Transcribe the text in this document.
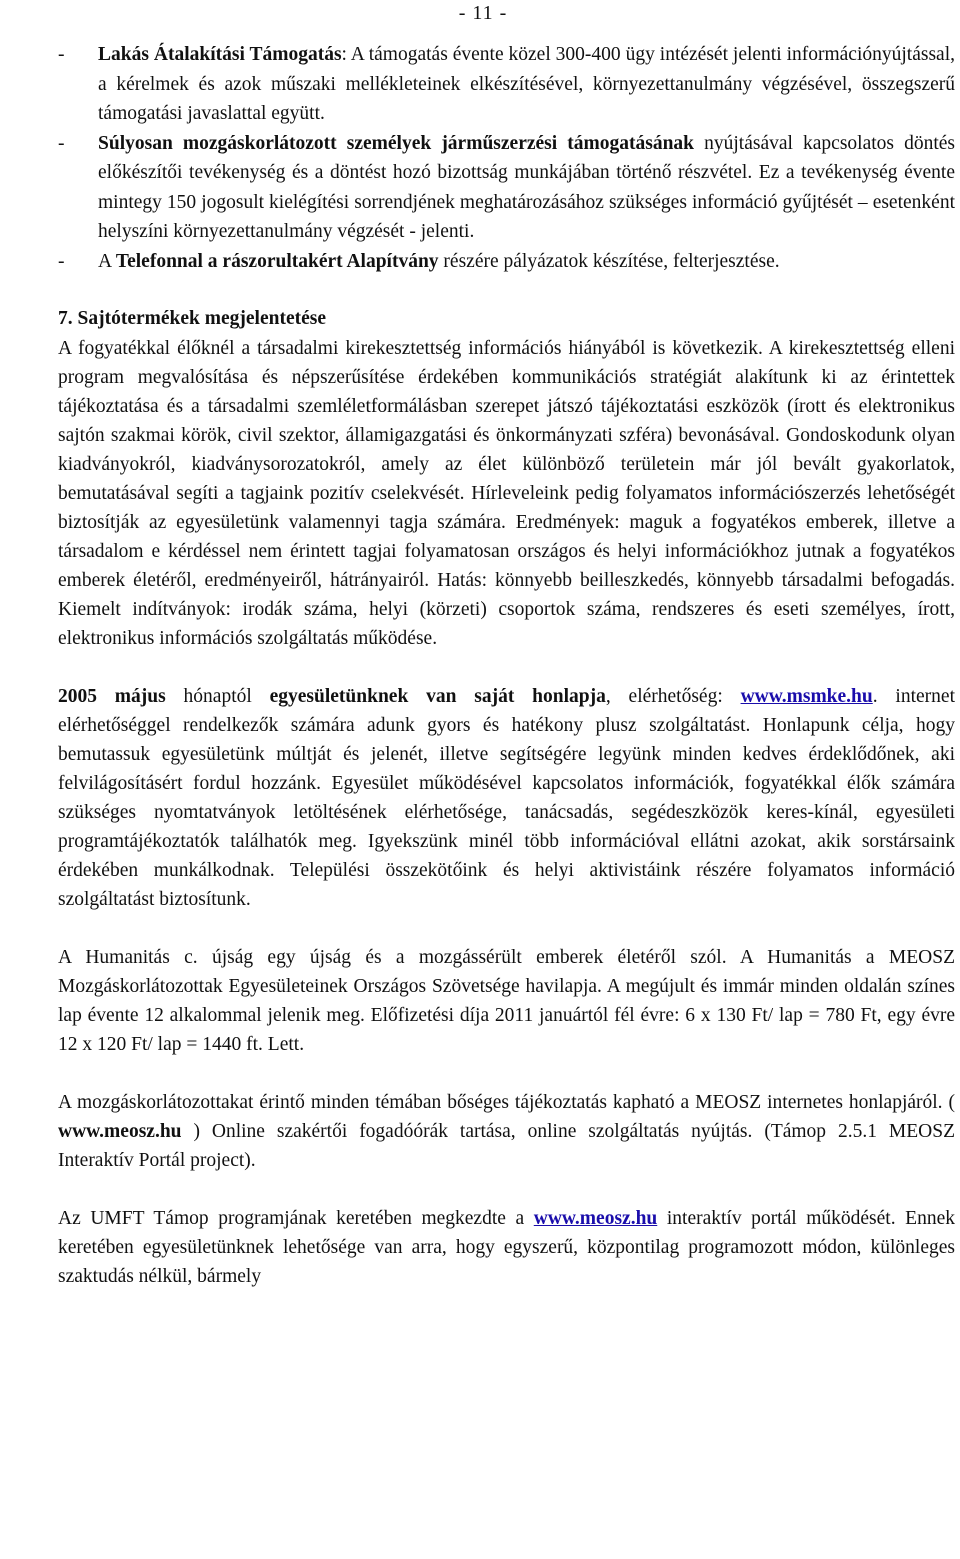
- 11 -
- Lakás Átalakítási Támogatás: A támogatás évente közel 300-400 ügy intézését jelenti információnyújtással, a kérelmek és azok műszaki mellékleteinek elkészítésével, környezettanulmány végzésével, összegszerű támogatási javaslattal együtt.
- Súlyosan mozgáskorlátozott személyek járműszerzési támogatásának nyújtásával kapcsolatos döntés előkészítői tevékenység és a döntést hozó bizottság munkájában történő részvétel. Ez a tevékenység évente mintegy 150 jogosult kielégítési sorrendjének meghatározásához szükséges információ gyűjtését – esetenként helyszíni környezettanulmány végzését - jelenti.
- A Telefonnal a rászorultakért Alapítvány részére pályázatok készítése, felterjesztése.
7. Sajtótermékek megjelentetése

A fogyatékkal élőknél a társadalmi kirekesztettség információs hiányából is következik. A kirekesztettség elleni program megvalósítása és népszerűsítése érdekében kommunikációs stratégiát alakítunk ki az érintettek tájékoztatása és a társadalmi szemléletformálásban szerepet játszó tájékoztatási eszközök (írott és elektronikus sajtón szakmai körök, civil szektor, államigazgatási és önkormányzati szféra) bevonásával. Gondoskodunk olyan kiadványokról, kiadványsorozatokról, amely az élet különböző területein már jól bevált gyakorlatok, bemutatásával segíti a tagjaink pozitív cselekvését. Hírleveleink pedig folyamatos információszerzés lehetőségét biztosítják az egyesületünk valamennyi tagja számára. Eredmények: maguk a fogyatékos emberek, illetve a társadalom e kérdéssel nem érintett tagjai folyamatosan országos és helyi információkhoz jutnak a fogyatékos emberek életéről, eredményeiről, hátrányairól. Hatás: könnyebb beilleszkedés, könnyebb társadalmi befogadás. Kiemelt indítványok: irodák száma, helyi (körzeti) csoportok száma, rendszeres és eseti személyes, írott, elektronikus információs szolgáltatás működése.

2005 május hónaptól egyesületünknek van saját honlapja, elérhetőség: www.msmke.hu. internet elérhetőséggel rendelkezők számára adunk gyors és hatékony plusz szolgáltatást. Honlapunk célja, hogy bemutassuk egyesületünk múltját és jelenét, illetve segítségére legyünk minden kedves érdeklődőnek, aki felvilágosításért fordul hozzánk. Egyesület működésével kapcsolatos információk, fogyatékkal élők számára szükséges nyomtatványok letöltésének elérhetősége, tanácsadás, segédeszközök keres-kínál, egyesületi programtájékoztatók találhatók meg. Igyekszünk minél több információval ellátni azokat, akik sorstársaink érdekében munkálkodnak. Települési összekötőink és helyi aktivistáink részére folyamatos információ szolgáltatást biztosítunk.

A Humanitás c. újság egy újság és a mozgássérült emberek életéről szól. A Humanitás a MEOSZ Mozgáskorlátozottak Egyesületeinek Országos Szövetsége havilapja. A megújult és immár minden oldalán színes lap évente 12 alkalommal jelenik meg. Előfizetési díja 2011 januártól fél évre: 6 x 130 Ft/ lap = 780 Ft, egy évre 12 x 120 Ft/ lap = 1440 ft. Lett.

A mozgáskorlátozottakat érintő minden témában bőséges tájékoztatás kapható a MEOSZ internetes honlapjáról. ( www.meosz.hu ) Online szakértői fogadóórák tartása, online szolgáltatás nyújtás. (Támop 2.5.1 MEOSZ Interaktív Portál project).

Az UMFT Támop programjának keretében megkezdte a www.meosz.hu interaktív portál működését. Ennek keretében egyesületünknek lehetősége van arra, hogy egyszerű, központilag programozott módon, különleges szaktudás nélkül, bármely
